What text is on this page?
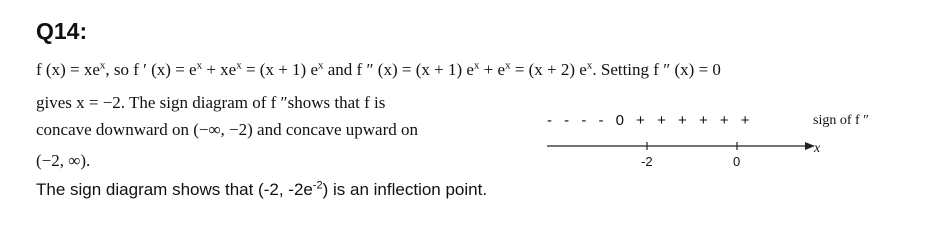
Q14:
f $(x) = xe^x$, so f ′ $(x) = e^x + xe^x = (x + 1)$ $e^x$ and f ″ (x) = (x + 1) $e^x + e^x = (x + 2)$ $e^x$. Setting f ″ (x) = 0
gives x = −2. The sign diagram of f ″shows that f is
concave downward on (−∞, −2) and concave upward on
(−2, ∞).
- - - - 0 + + + + + +	sign of f ″
x
-2	0
The sign diagram shows that (-2, $-2e^{-2}$) is an inflection point.
